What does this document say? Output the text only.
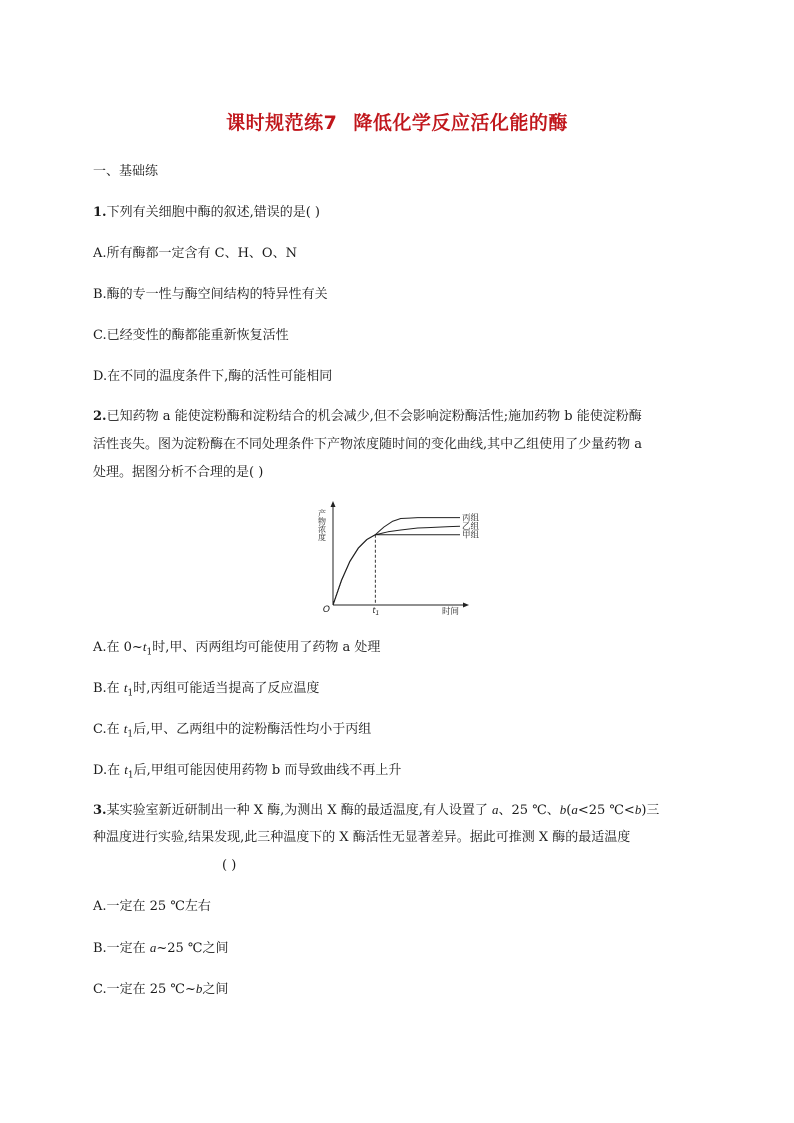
课时规范练7 降低化学反应活化能的酶
一、基础练
1.下列有关细胞中酶的叙述,错误的是( )
A.所有酶都一定含有 C、H、O、N
B.酶的专一性与酶空间结构的特异性有关
C.已经变性的酶都能重新恢复活性
D.在不同的温度条件下,酶的活性可能相同
2.已知药物 a 能使淀粉酶和淀粉结合的机会减少,但不会影响淀粉酶活性;施加药物 b 能使淀粉酶
活性丧失。图为淀粉酶在不同处理条件下产物浓度随时间的变化曲线,其中乙组使用了少量药物 a
处理。据图分析不合理的是( )
产物浓度
时间
O	$t_1$
丙组
乙组
甲组
A.在 $0\sim t_1$时,甲、丙两组均可能使用了药物 a 处理
B.在 $t_1$时,丙组可能适当提高了反应温度
C.在 $t_1$后,甲、乙两组中的淀粉酶活性均小于丙组
D.在 $t_1$后,甲组可能因使用药物 b 而导致曲线不再上升
3.某实验室新近研制出一种 X 酶,为测出 X 酶的最适温度,有人设置了 a、25 ℃、b(a<25 ℃<b)三
种温度进行实验,结果发现,此三种温度下的 X 酶活性无显著差异。据此可推测 X 酶的最适温度
( )
A.一定在 25 ℃左右
B.一定在 a~25 ℃之间
C.一定在 25 ℃~b之间
